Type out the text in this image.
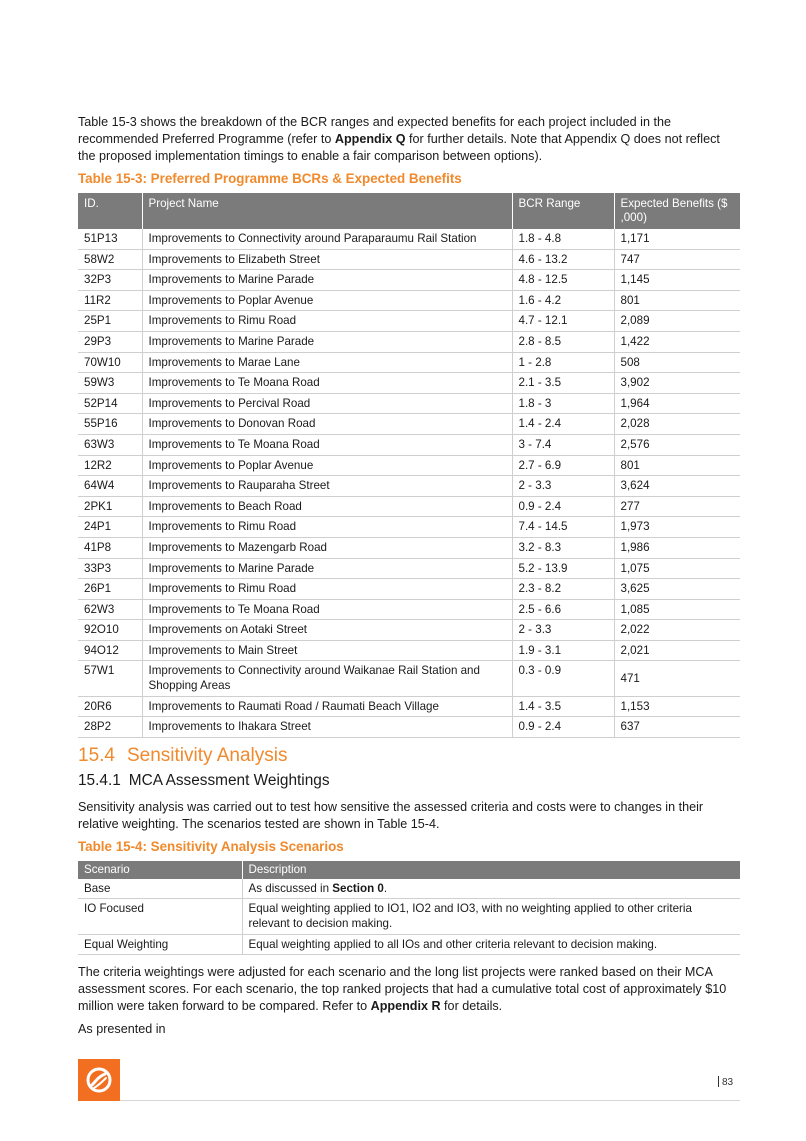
Table 15-3 shows the breakdown of the BCR ranges and expected benefits for each project included in the recommended Preferred Programme (refer to Appendix Q for further details. Note that Appendix Q does not reflect the proposed implementation timings to enable a fair comparison between options).

Table 15-3: Preferred Programme BCRs & Expected Benefits
ID.	Project Name	BCR Range	Expected Benefits ($ ,000)
51P13	Improvements to Connectivity around Paraparaumu Rail Station	1.8 - 4.8	1,171
58W2	Improvements to Elizabeth Street	4.6 - 13.2	747
32P3	Improvements to Marine Parade	4.8 - 12.5	1,145
11R2	Improvements to Poplar Avenue	1.6 - 4.2	801
25P1	Improvements to Rimu Road	4.7 - 12.1	2,089
29P3	Improvements to Marine Parade	2.8 - 8.5	1,422
70W10	Improvements to Marae Lane	1 - 2.8	508
59W3	Improvements to Te Moana Road	2.1 - 3.5	3,902
52P14	Improvements to Percival Road	1.8 - 3	1,964
55P16	Improvements to Donovan Road	1.4 - 2.4	2,028
63W3	Improvements to Te Moana Road	3 - 7.4	2,576
12R2	Improvements to Poplar Avenue	2.7 - 6.9	801
64W4	Improvements to Rauparaha Street	2 - 3.3	3,624
2PK1	Improvements to Beach Road	0.9 - 2.4	277
24P1	Improvements to Rimu Road	7.4 - 14.5	1,973
41P8	Improvements to Mazengarb Road	3.2 - 8.3	1,986
33P3	Improvements to Marine Parade	5.2 - 13.9	1,075
26P1	Improvements to Rimu Road	2.3 - 8.2	3,625
62W3	Improvements to Te Moana Road	2.5 - 6.6	1,085
92O10	Improvements on Aotaki Street	2 - 3.3	2,022
94O12	Improvements to Main Street	1.9 - 3.1	2,021
57W1	Improvements to Connectivity around Waikanae Rail Station and Shopping Areas	0.3 - 0.9	471
20R6	Improvements to Raumati Road / Raumati Beach Village	1.4 - 3.5	1,153
28P2	Improvements to Ihakara Street	0.9 - 2.4	637
15.4 Sensitivity Analysis
15.4.1 MCA Assessment Weightings

Sensitivity analysis was carried out to test how sensitive the assessed criteria and costs were to changes in their relative weighting. The scenarios tested are shown in Table 15-4.

Table 15-4: Sensitivity Analysis Scenarios
Scenario	Description
Base	As discussed in Section 0.
IO Focused	Equal weighting applied to IO1, IO2 and IO3, with no weighting applied to other criteria relevant to decision making.
Equal Weighting	Equal weighting applied to all IOs and other criteria relevant to decision making.

The criteria weightings were adjusted for each scenario and the long list projects were ranked based on their MCA assessment scores. For each scenario, the top ranked projects that had a cumulative total cost of approximately $10 million were taken forward to be compared. Refer to Appendix R for details.

As presented in

83
